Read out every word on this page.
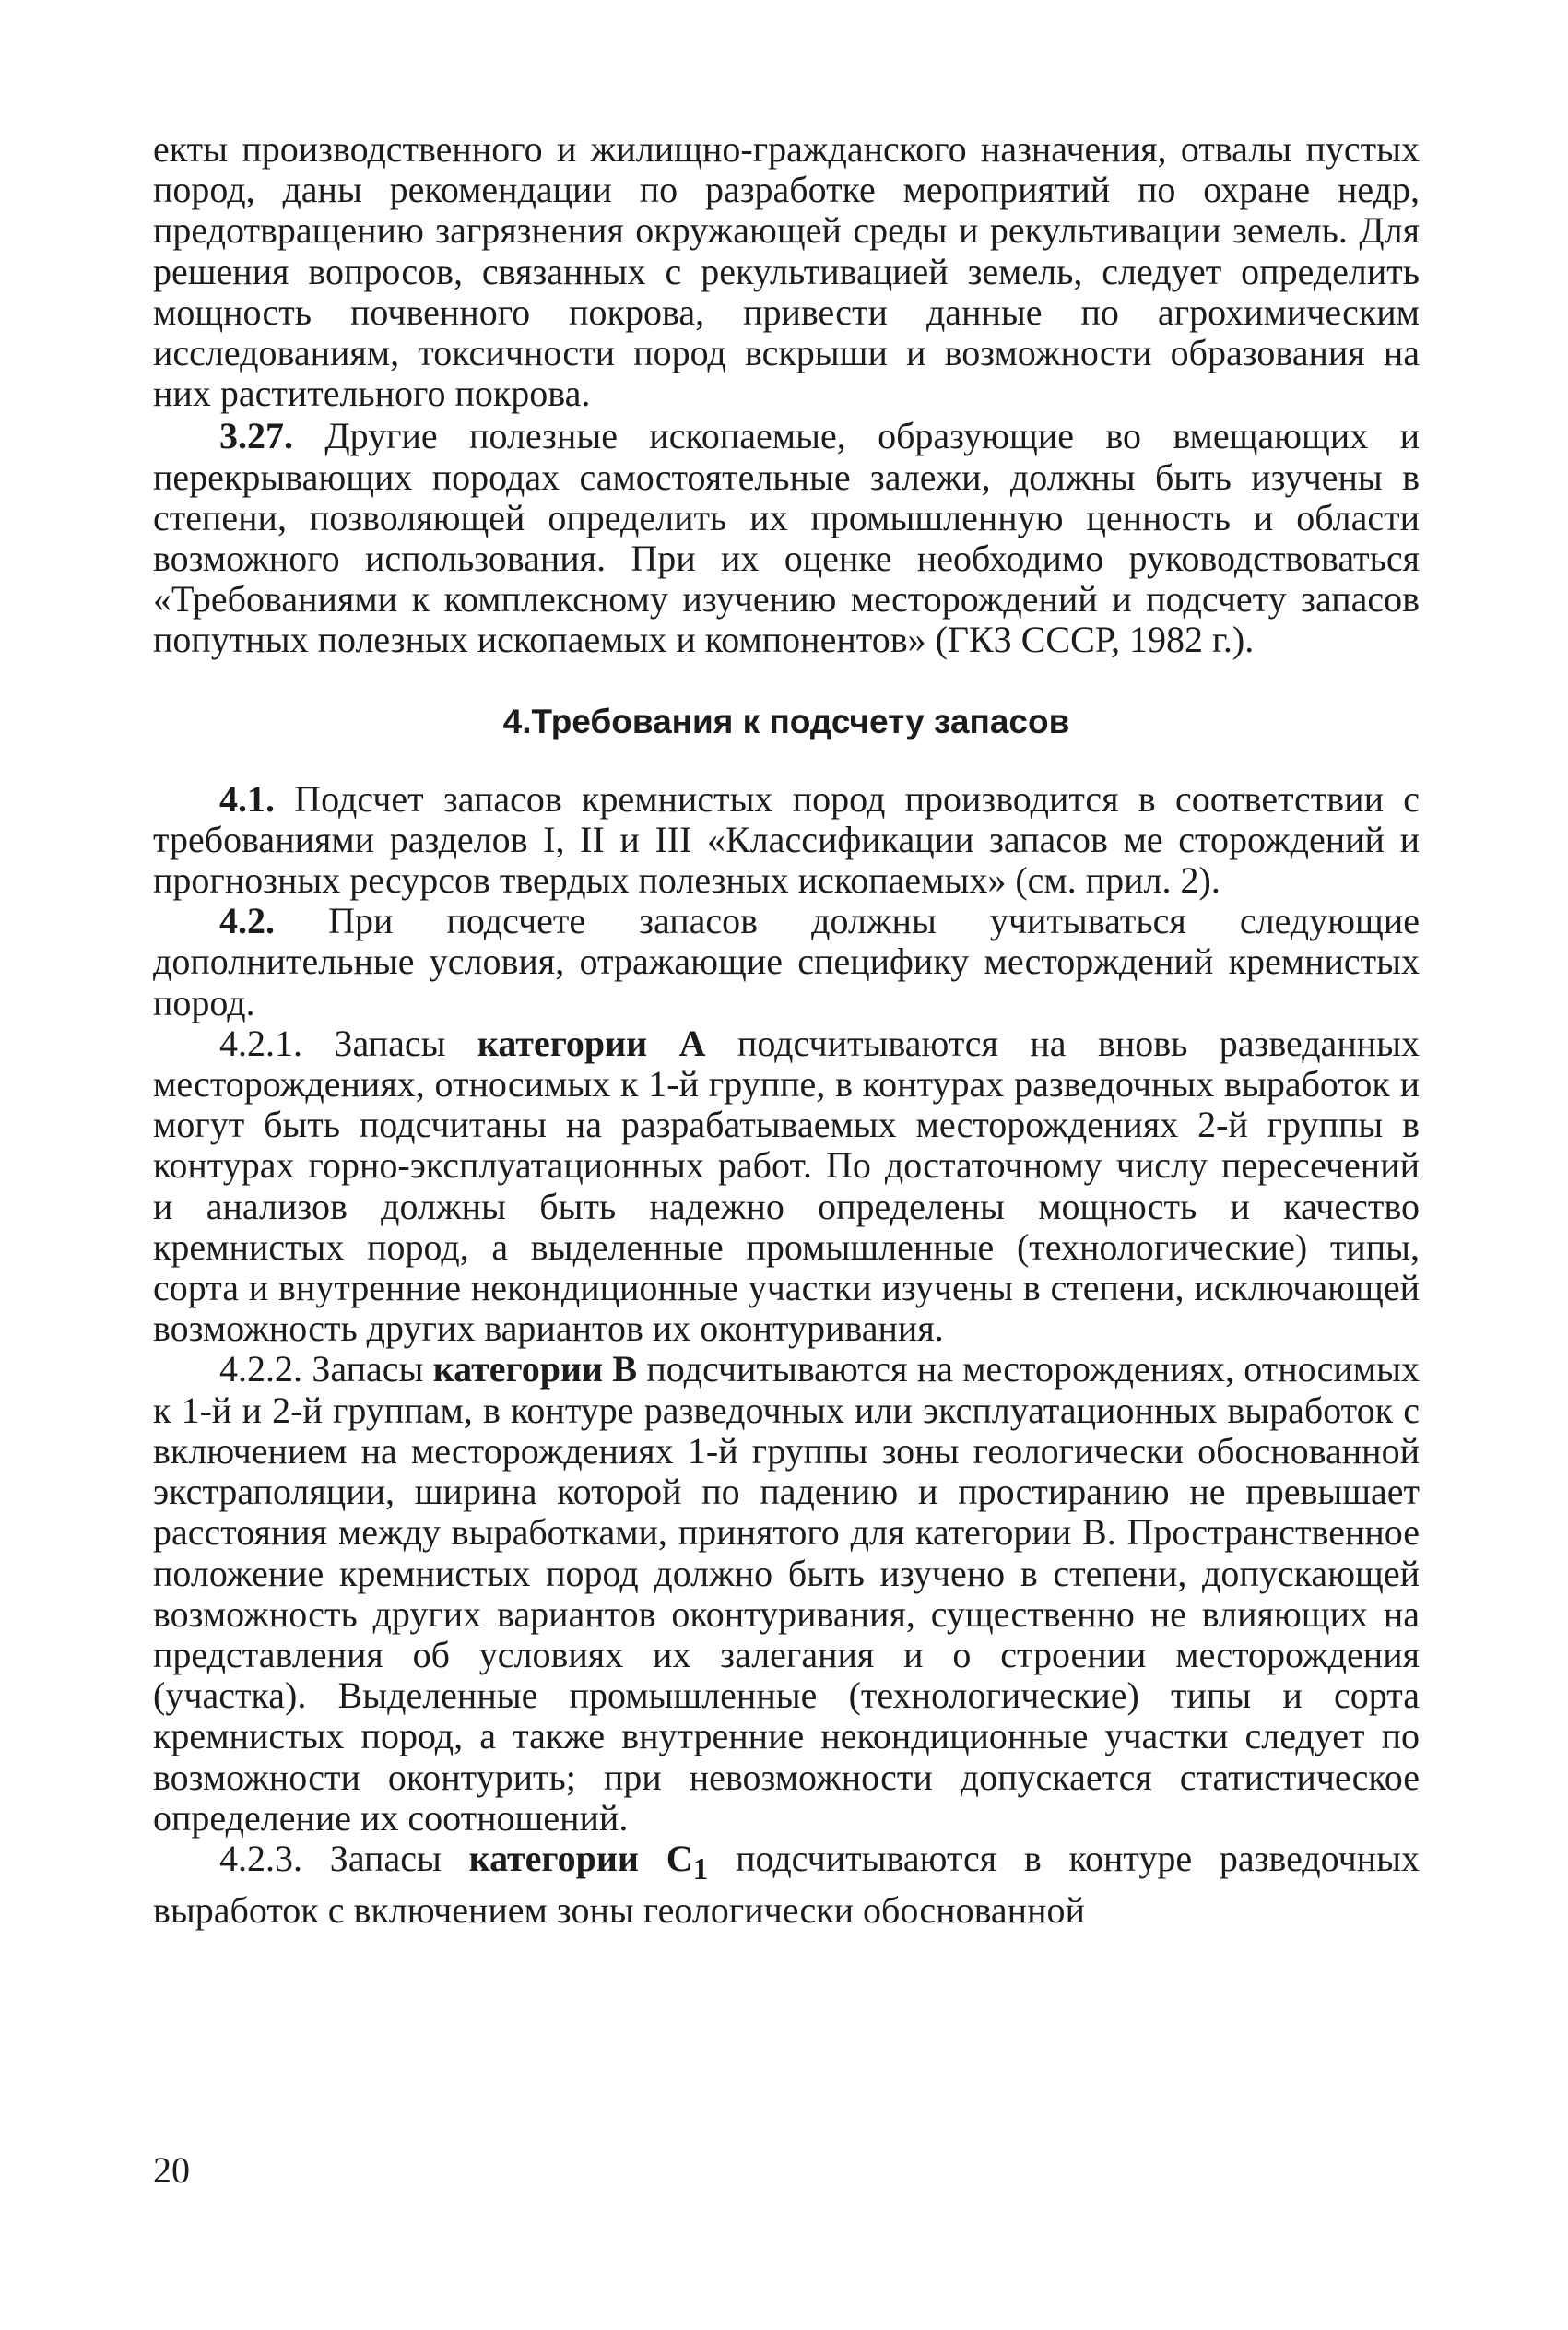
екты производственного и жилищно-гражданского назначения, отвалы пустых пород, даны рекомендации по разработке мероприятий по охране недр, предотвращению загрязнения окружающей среды и рекультивации земель. Для решения вопросов, связанных с рекультивацией земель, следует определить мощность почвенного покрова, привести данные по агрохимическим исследованиям, токсичности пород вскрыши и возможности образования на них растительного покрова.

3.27. Другие полезные ископаемые, образующие во вмещающих и перекрывающих породах самостоятельные залежи, должны быть изучены в степени, позволяющей определить их промышленную ценность и области возможного использования. При их оценке необходимо руководствоваться «Требованиями к комплексному изучению месторождений и подсчету запасов попутных полезных ископаемых и компонентов» (ГКЗ СССР, 1982 г.).

4.Требования к подсчету запасов

4.1. Подсчет запасов кремнистых пород производится в соответствии с требованиями разделов I, II и III «Классификации запасов ме сторождений и прогнозных ресурсов твердых полезных ископаемых» (см. прил. 2).

4.2. При подсчете запасов должны учитываться следующие дополнительные условия, отражающие специфику месторждений кремнистых пород.

4.2.1. Запасы категории А подсчитываются на вновь разведанных месторождениях, относимых к 1-й группе, в контурах разведочных выработок и могут быть подсчитаны на разрабатываемых месторождениях 2-й группы в контурах горно-эксплуатационных работ. По достаточному числу пересечений и анализов должны быть надежно определены мощность и качество кремнистых пород, а выделенные промышленные (технологические) типы, сорта и внутренние некондиционные участки изучены в степени, исключающей возможность других вариантов их оконтуривания.

4.2.2. Запасы категории В подсчитываются на месторождениях, относимых к 1-й и 2-й группам, в контуре разведочных или эксплуатационных выработок с включением на месторождениях 1-й группы зоны геологически обоснованной экстраполяции, ширина которой по падению и простиранию не превышает расстояния между выработками, принятого для категории В. Пространственное положение кремнистых пород должно быть изучено в степени, допускающей возможность других вариантов оконтуривания, существенно не влияющих на представления об условиях их залегания и о строении месторождения (участка). Выделенные промышленные (технологические) типы и сорта кремнистых пород, а также внутренние некондиционные участки следует по возможности оконтурить; при невозможности допускается статистическое определение их соотношений.

4.2.3. Запасы категории $С_1$ подсчитываются в контуре разведочных выработок с включением зоны геологически обоснованной

20
